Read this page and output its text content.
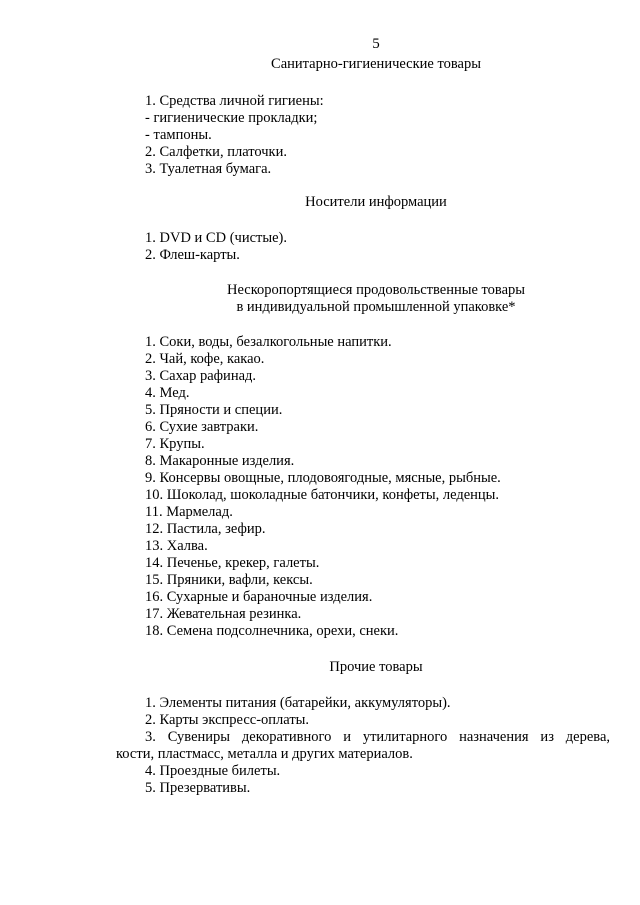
5
Санитарно-гигиенические товары
1. Средства личной гигиены:
- гигиенические прокладки;
- тампоны.
2. Салфетки, платочки.
3. Туалетная бумага.
Носители информации
1. DVD и CD (чистые).
2. Флеш-карты.
Нескоропортящиеся продовольственные товары
в индивидуальной промышленной упаковке*
1. Соки, воды, безалкогольные напитки.
2. Чай, кофе, какао.
3. Сахар рафинад.
4. Мед.
5. Пряности и специи.
6. Сухие завтраки.
7. Крупы.
8. Макаронные изделия.
9. Консервы овощные, плодовоягодные, мясные, рыбные.
10. Шоколад, шоколадные батончики, конфеты, леденцы.
11. Мармелад.
12. Пастила, зефир.
13. Халва.
14. Печенье, крекер, галеты.
15. Пряники, вафли, кексы.
16. Сухарные и бараночные изделия.
17. Жевательная резинка.
18. Семена подсолнечника, орехи, снеки.
Прочие товары
1. Элементы питания (батарейки, аккумуляторы).
2. Карты экспресс-оплаты.
3. Сувениры декоративного и утилитарного назначения из дерева,
кости, пластмасс, металла и других материалов.
4. Проездные билеты.
5. Презервативы.
